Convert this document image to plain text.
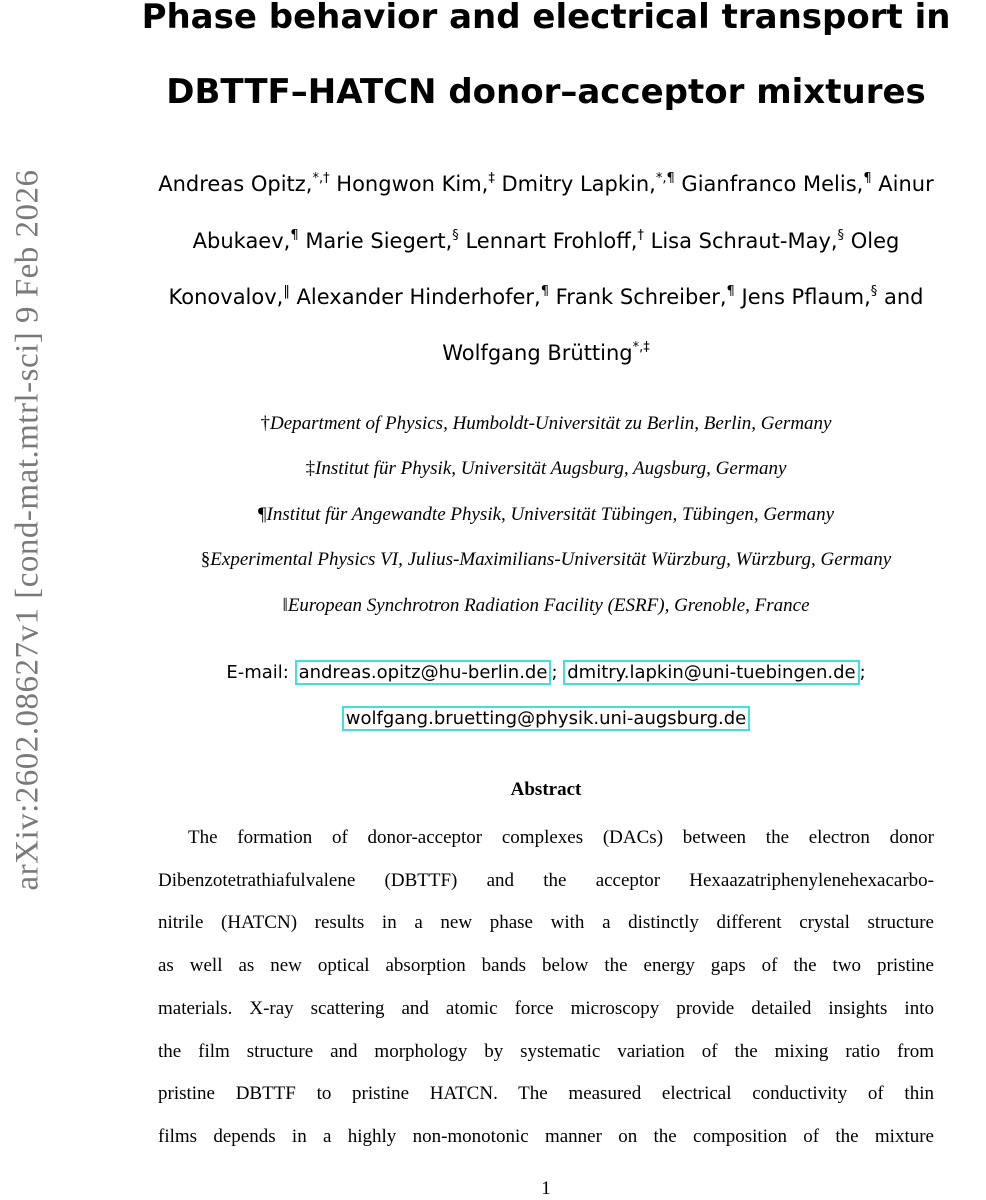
arXiv:2602.08627v1 [cond-mat.mtrl-sci] 9 Feb 2026
Phase behavior and electrical transport in
DBTTF–HATCN donor–acceptor mixtures
Andreas Opitz,*,† Hongwon Kim,‡ Dmitry Lapkin,*,¶ Gianfranco Melis,¶ Ainur
Abukaev,¶ Marie Siegert,§ Lennart Frohloff,† Lisa Schraut-May,§ Oleg
Konovalov,‖ Alexander Hinderhofer,¶ Frank Schreiber,¶ Jens Pflaum,§ and
Wolfgang Brütting*,‡
†Department of Physics, Humboldt-Universität zu Berlin, Berlin, Germany
‡Institut für Physik, Universität Augsburg, Augsburg, Germany
¶Institut für Angewandte Physik, Universität Tübingen, Tübingen, Germany
§Experimental Physics VI, Julius-Maximilians-Universität Würzburg, Würzburg, Germany
‖European Synchrotron Radiation Facility (ESRF), Grenoble, France
E-mail: andreas.opitz@hu-berlin.de ; dmitry.lapkin@uni-tuebingen.de ;
wolfgang.bruetting@physik.uni-augsburg.de
Abstract
The formation of donor-acceptor complexes (DACs) between the electron donor
Dibenzotetrathiafulvalene (DBTTF) and the acceptor Hexaazatriphenylenehexacarbo-
nitrile (HATCN) results in a new phase with a distinctly different crystal structure
as well as new optical absorption bands below the energy gaps of the two pristine
materials. X-ray scattering and atomic force microscopy provide detailed insights into
the film structure and morphology by systematic variation of the mixing ratio from
pristine DBTTF to pristine HATCN. The measured electrical conductivity of thin
films depends in a highly non-monotonic manner on the composition of the mixture
1
